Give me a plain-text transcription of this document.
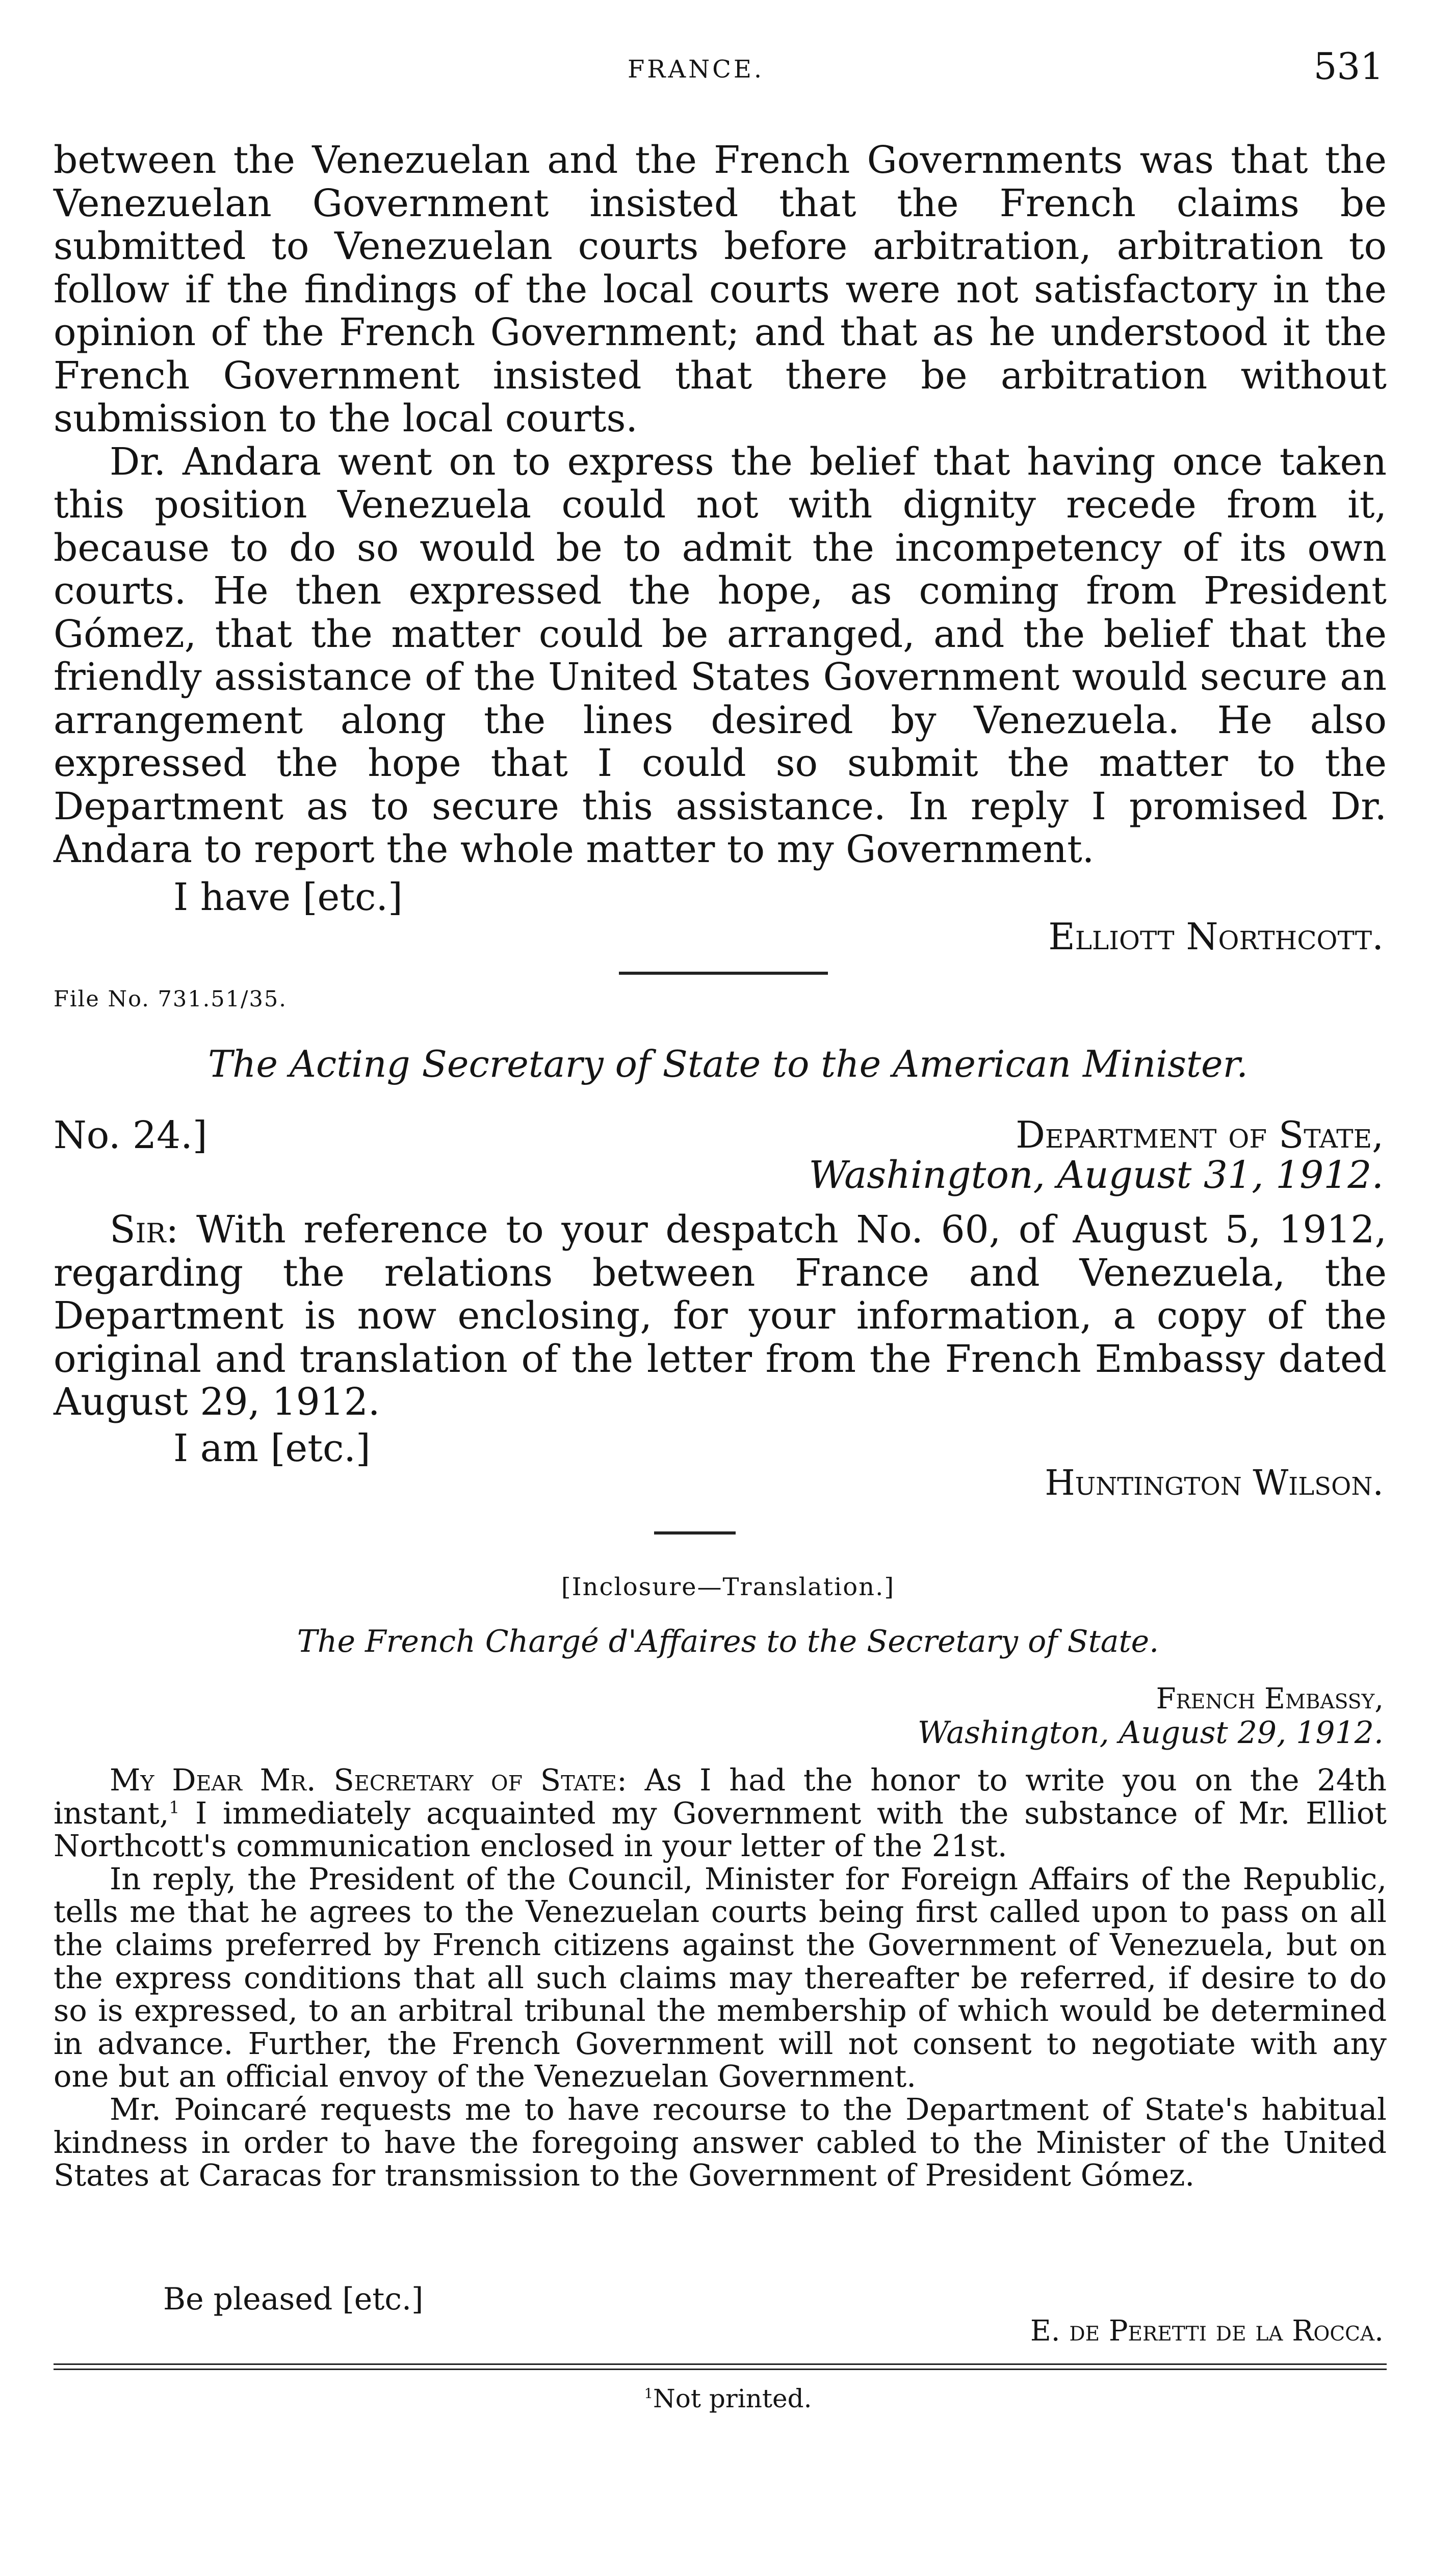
FRANCE.	531

between the Venezuelan and the French Governments was that the Venezuelan Government insisted that the French claims be submitted to Venezuelan courts before arbitration, arbitration to follow if the findings of the local courts were not satisfactory in the opinion of the French Government; and that as he understood it the French Government insisted that there be arbitration without submission to the local courts.

Dr. Andara went on to express the belief that having once taken this position Venezuela could not with dignity recede from it, because to do so would be to admit the incompetency of its own courts. He then expressed the hope, as coming from President Gómez, that the matter could be arranged, and the belief that the friendly assistance of the United States Government would secure an arrangement along the lines desired by Venezuela. He also expressed the hope that I could so submit the matter to the Department as to secure this assistance. In reply I promised Dr. Andara to report the whole matter to my Government.

I have [etc.]
Elliott Northcott.
File No. 731.51/35.
The Acting Secretary of State to the American Minister.
No. 24.]	Department of State,
Washington, August 31, 1912.

Sir: With reference to your despatch No. 60, of August 5, 1912, regarding the relations between France and Venezuela, the Department is now enclosing, for your information, a copy of the original and translation of the letter from the French Embassy dated August 29, 1912.

I am [etc.]
Huntington Wilson.
[Inclosure—Translation.]
The French Chargé d'Affaires to the Secretary of State.
French Embassy,
Washington, August 29, 1912.

My Dear Mr. Secretary of State: As I had the honor to write you on the 24th instant,$^1$ I immediately acquainted my Government with the substance of Mr. Elliot Northcott's communication enclosed in your letter of the 21st.

In reply, the President of the Council, Minister for Foreign Affairs of the Republic, tells me that he agrees to the Venezuelan courts being first called upon to pass on all the claims preferred by French citizens against the Government of Venezuela, but on the express conditions that all such claims may thereafter be referred, if desire to do so is expressed, to an arbitral tribunal the membership of which would be determined in advance. Further, the French Government will not consent to negotiate with any one but an official envoy of the Venezuelan Government.

Mr. Poincaré requests me to have recourse to the Department of State's habitual kindness in order to have the foregoing answer cabled to the Minister of the United States at Caracas for transmission to the Government of President Gómez.

Be pleased [etc.]
E. de Peretti de la Rocca.
$^1$Not printed.
